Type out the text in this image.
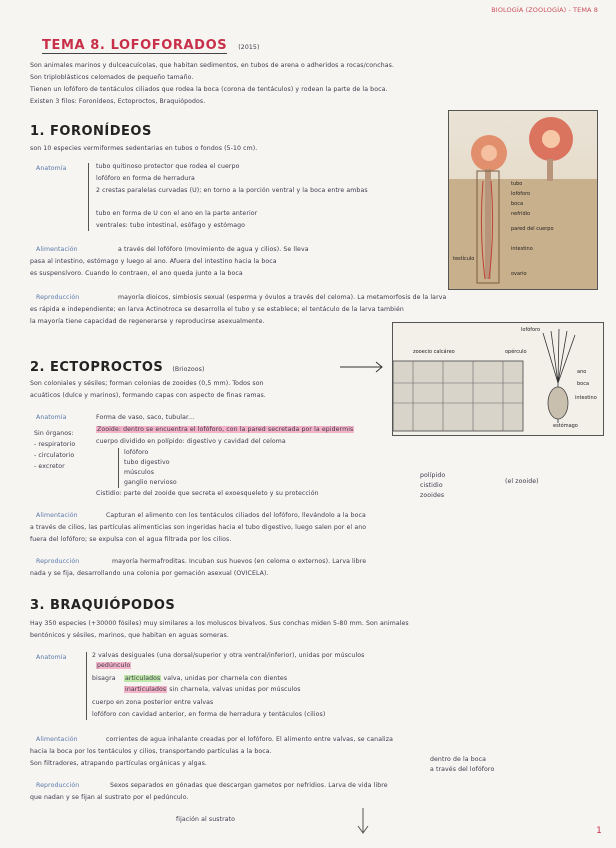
BIOLOGÍA (ZOOLOGÍA) - TEMA 8
TEMA 8. LOFOFORADOS (2015)
Son animales marinos y dulceacuícolas, que habitan sedimentos, en tubos de arena o adheridos a rocas/conchas.
Son triploblásticos celomados de pequeño tamaño.
Tienen un lofóforo de tentáculos ciliados que rodea la boca (corona de tentáculos) y rodean la parte de la boca.
Existen 3 filos: Foronídeos, Ectoproctos, Braquiópodos.
1. FORONÍDEOS
son 10 especies vermiformes sedentarias en tubos o fondos (5-10 cm).
Anatomía	tubo quitinoso protector que rodea el cuerpo
lofóforo en forma de herradura
2 crestas paralelas curvadas (U); en torno a la porción ventral y la boca entre ambas
tubo en forma de U con el ano en la parte anterior
ventrales: tubo intestinal, esófago y estómago
Alimentación	a través del lofóforo (movimiento de agua y cilios). Se lleva
pasa al intestino, estómago y luego al ano. Afuera del intestino hacia la boca
es suspensívoro. Cuando lo contraen, el ano queda junto a la boca
Reproducción	mayoría dioicos, simbiosis sexual (esperma y óvulos a través del celoma). La metamorfosis de la larva
es rápida e independiente; en larva Actinotroca se desarrolla el tubo y se establece; el tentáculo de la larva también
la mayoría tiene capacidad de regenerarse y reproducirse asexualmente.
tubo
lofóforo
boca
nefridio
pared del cuerpo
intestino
ovario
testículo
2. ECTOPROCTOS (Briozoos)
Son coloniales y sésiles; forman colonias de zooides (0,5 mm). Todos son
acuáticos (dulce y marinos), formando capas con aspecto de finas ramas.
Anatomía	Forma de vaso, saco, tubular...
Zooide: dentro se encuentra el lofóforo, con la pared secretada por la epidermis
cuerpo dividido en polípido: digestivo y cavidad del celoma
lofóforo
tubo digestivo
músculos
ganglio nervioso
Sin órganos:
- respiratorio
- circulatorio
- excretor
Cistidio: parte del zooide que secreta el exoesqueleto y su protección
polípido
cistidio
zooides
(el zooide)
Alimentación	Capturan el alimento con los tentáculos ciliados del lofóforo, llevándolo a la boca
a través de cilios, las partículas alimenticias son ingeridas hacia el tubo digestivo, luego salen por el ano
fuera del lofóforo; se expulsa con el agua filtrada por los cilios.
Reproducción	mayoría hermafroditas. Incuban sus huevos (en celoma o externos). Larva libre
nada y se fija, desarrollando una colonia por gemación asexual (OVICELA).
zooecio calcáreo	opérculo
lofóforo
ano
boca
intestino
estómago
3. BRAQUIÓPODOS
Hay 350 especies (+30000 fósiles) muy similares a los moluscos bivalvos. Sus conchas miden 5-80 mm. Son animales
bentónicos y sésiles, marinos, que habitan en aguas someras.
Anatomía	2 valvas desiguales (una dorsal/superior y otra ventral/inferior), unidas por músculos
pedúnculo
bisagra articulados valva, unidas por charnela con dientes
inarticulados sin charnela, valvas unidas por músculos
cuerpo en zona posterior entre valvas
lofóforo con cavidad anterior, en forma de herradura y tentáculos (cilios)
Alimentación	corrientes de agua inhalante creadas por el lofóforo. El alimento entre valvas, se canaliza
hacia la boca por los tentáculos y cilios, transportando partículas a la boca.
Son filtradores, atrapando partículas orgánicas y algas.
dentro de la boca
a través del lofóforo
Reproducción	Sexos separados en gónadas que descargan gametos por nefridios. Larva de vida libre
que nadan y se fijan al sustrato por el pedúnculo.
fijación al sustrato
1
